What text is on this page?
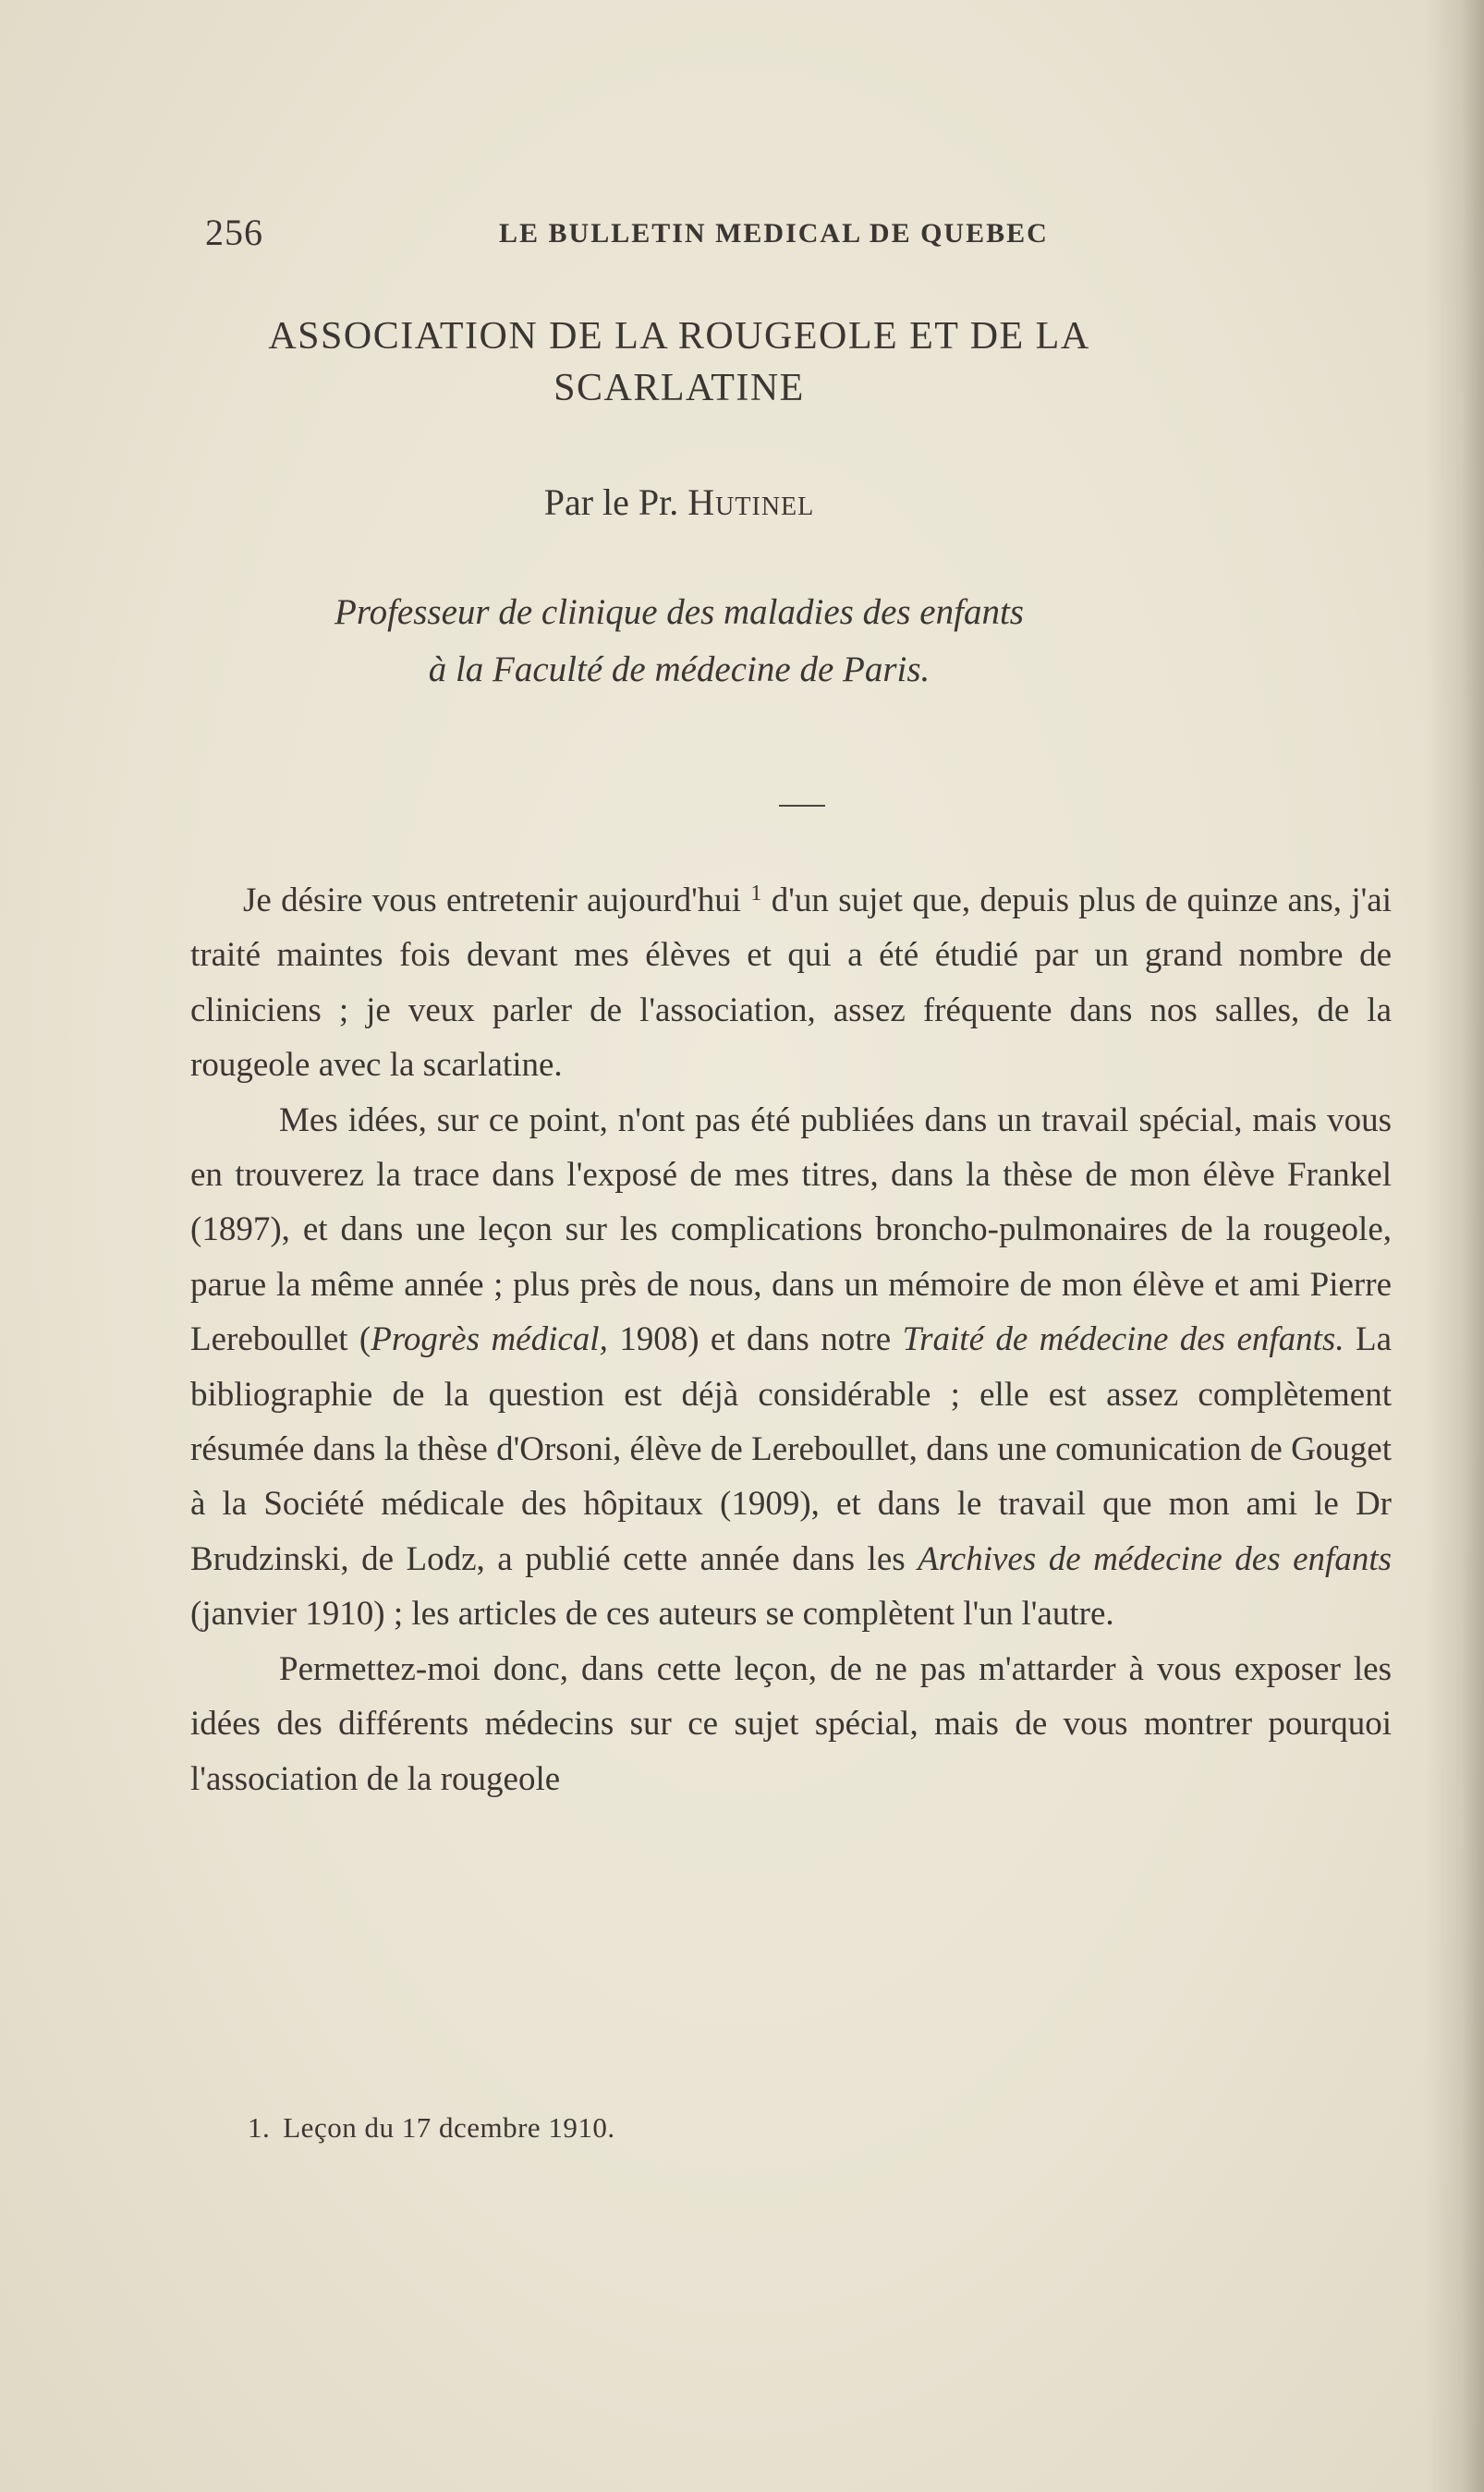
256	LE BULLETIN MEDICAL DE QUEBEC
ASSOCIATION DE LA ROUGEOLE ET DE LA
SCARLATINE
Par le Pr. Hutinel
Professeur de clinique des maladies des enfants
à la Faculté de médecine de Paris.

Je désire vous entretenir aujourd'hui $^1$ d'un sujet que, depuis plus de quinze ans, j'ai traité maintes fois devant mes élèves et qui a été étudié par un grand nombre de cliniciens ; je veux parler de l'association, assez fréquente dans nos salles, de la rougeole avec la scarlatine.

Mes idées, sur ce point, n'ont pas été publiées dans un travail spécial, mais vous en trouverez la trace dans l'exposé de mes titres, dans la thèse de mon élève Frankel (1897), et dans une leçon sur les complications broncho-pulmonaires de la rougeole, parue la même année ; plus près de nous, dans un mémoire de mon élève et ami Pierre Lereboullet (Progrès médical, 1908) et dans notre Traité de médecine des enfants. La bibliographie de la question est déjà considérable ; elle est assez complètement résumée dans la thèse d'Orsoni, élève de Lereboullet, dans une comunication de Gouget à la Société médicale des hôpitaux (1909), et dans le travail que mon ami le Dr Brudzinski, de Lodz, a publié cette année dans les Archives de médecine des enfants (janvier 1910) ; les articles de ces auteurs se complètent l'un l'autre.

Permettez-moi donc, dans cette leçon, de ne pas m'attarder à vous exposer les idées des différents médecins sur ce sujet spécial, mais de vous montrer pourquoi l'association de la rougeole

1. Leçon du 17 dcembre 1910.
